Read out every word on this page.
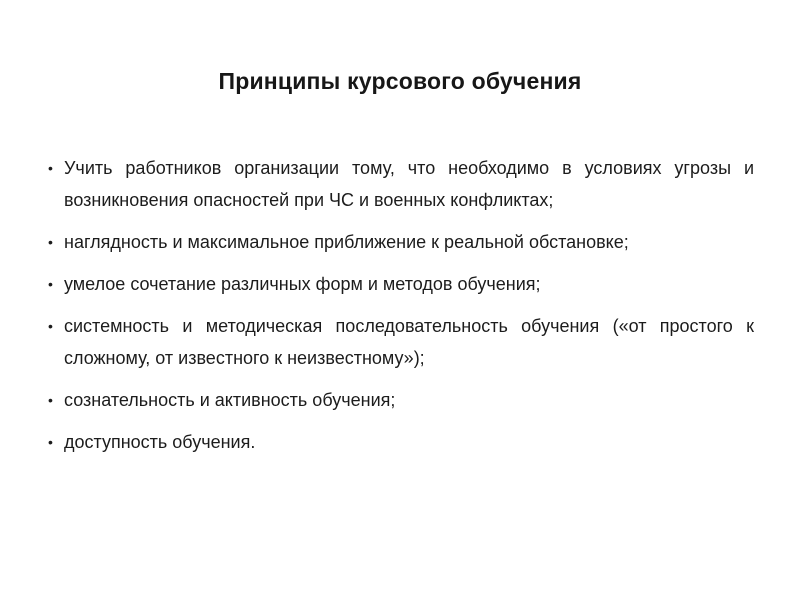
Принципы курсового обучения
• Учить работников организации тому, что необходимо в условиях угрозы и возникновения опасностей при ЧС и военных конфликтах;
• наглядность и максимальное приближение к реальной обстановке;
• умелое сочетание различных форм и методов обучения;
• системность и методическая последовательность обучения («от простого к сложному, от известного к неизвестному»);
• сознательность и активность обучения;
• доступность обучения.
